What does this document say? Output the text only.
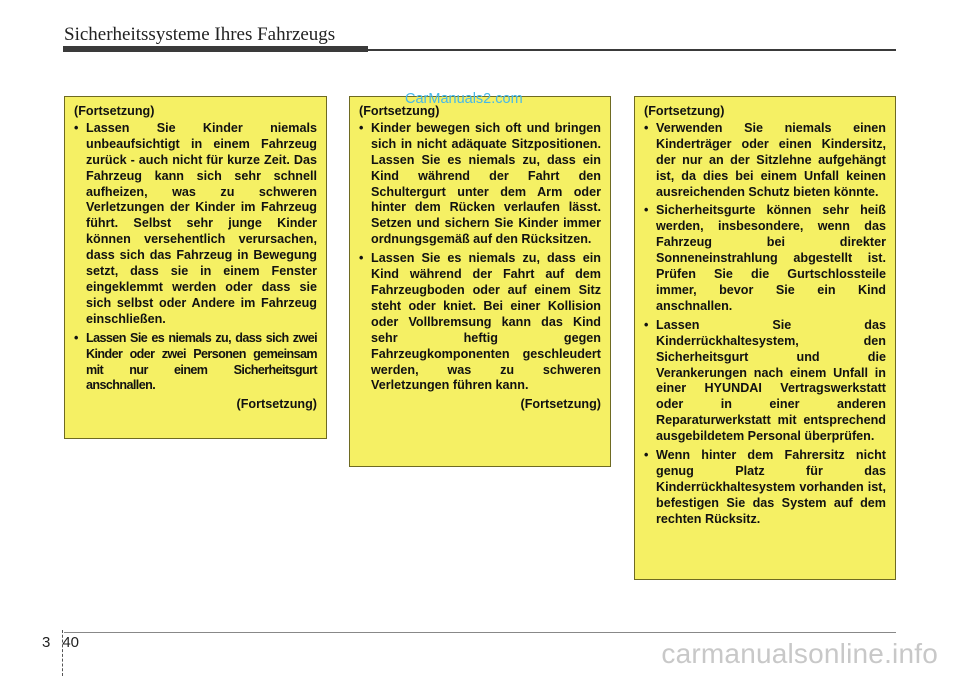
Sicherheitssysteme Ihres Fahrzeugs
(Fortsetzung)
• Lassen Sie Kinder niemals unbeaufsichtigt in einem Fahrzeug zurück - auch nicht für kurze Zeit. Das Fahrzeug kann sich sehr schnell aufheizen, was zu schweren Verletzungen der Kinder im Fahrzeug führt. Selbst sehr junge Kinder können versehentlich verursachen, dass sich das Fahrzeug in Bewegung setzt, dass sie in einem Fenster eingeklemmt werden oder dass sie sich selbst oder Andere im Fahrzeug einschließen.
• Lassen Sie es niemals zu, dass sich zwei Kinder oder zwei Personen gemeinsam mit nur einem Sicherheitsgurt anschnallen.
(Fortsetzung)
(Fortsetzung)
• Kinder bewegen sich oft und bringen sich in nicht adäquate Sitzpositionen. Lassen Sie es niemals zu, dass ein Kind während der Fahrt den Schultergurt unter dem Arm oder hinter dem Rücken verlaufen lässt. Setzen und sichern Sie Kinder immer ordnungsgemäß auf den Rücksitzen.
• Lassen Sie es niemals zu, dass ein Kind während der Fahrt auf dem Fahrzeugboden oder auf einem Sitz steht oder kniet. Bei einer Kollision oder Vollbremsung kann das Kind sehr heftig gegen Fahrzeugkomponenten geschleudert werden, was zu schweren Verletzungen führen kann.
(Fortsetzung)
(Fortsetzung)
• Verwenden Sie niemals einen Kinderträger oder einen Kindersitz, der nur an der Sitzlehne aufgehängt ist, da dies bei einem Unfall keinen ausreichenden Schutz bieten könnte.
• Sicherheitsgurte können sehr heiß werden, insbesondere, wenn das Fahrzeug bei direkter Sonneneinstrahlung abgestellt ist. Prüfen Sie die Gurtschlossteile immer, bevor Sie ein Kind anschnallen.
• Lassen Sie das Kinderrückhaltesystem, den Sicherheitsgurt und die Verankerungen nach einem Unfall in einer HYUNDAI Vertragswerkstatt oder in einer anderen Reparaturwerkstatt mit entsprechend ausgebildetem Personal überprüfen.
• Wenn hinter dem Fahrersitz nicht genug Platz für das Kinderrückhaltesystem vorhanden ist, befestigen Sie das System auf dem rechten Rücksitz.
CarManuals2.com
3 40	carmanualsonline.info
